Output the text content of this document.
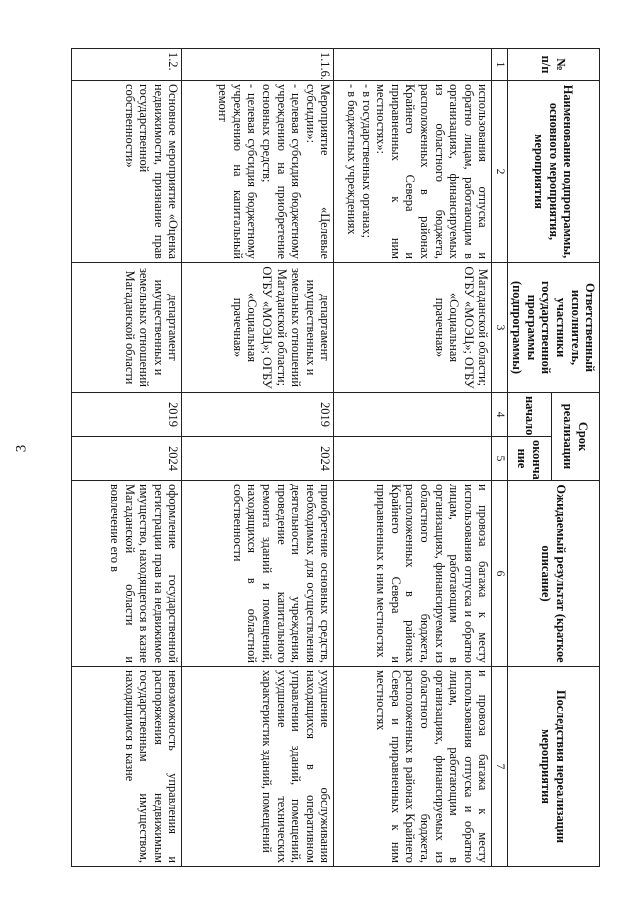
3
№ п/п	Наименование подпрограммы, основного мероприятия, мероприятия	Ответственный исполнитель, участники государственной программы (подпрограммы)	Срок реализации		Ожидаемый результат (краткое описание)	Последствия нереализации мероприятия
			начало	оконча ние		
1	2	3	4	5	6	7

	использования отпуска и обратно лицам, работающим в организациях, финансируемых из областного бюджета, расположенных в районах Крайнего Севера и приравненных к ним местностях»:
- в государственных органах;
- в бюджетных учреждениях	Магаданской области; ОГБУ «МОЭЦ»; ОГБУ «Социальная прачечная»			и провоза багажа к месту использования отпуска и обратно лицам, работающим в организациях, финансируемых из областного бюджета, расположенных в районах Крайнего Севера и приравненных к ним местностях	и провоза багажа к месту использования отпуска и обратно лицам, работающим в организациях, финансируемых из областного бюджета, расположенных в районах Крайнего Севера и приравненных к ним местностях
1.1.6.	Мероприятие «Целевые субсидии»:
- целевая субсидия бюджетному учреждению на приобретение основных средств;
- целевая субсидия бюджетному учреждению на капитальный ремонт	департамент имущественных и земельных отношений Магаданской области; ОГБУ «МОЭЦ»; ОГБУ «Социальная прачечная»	2019	2024	приобретение основных средств, необходимых для осуществления деятельности учреждения, проведение капитального ремонта зданий и помещений, находящихся в областной собственности	ухудшение обслуживания находящихся в оперативном управлении зданий, помещений, ухудшение технических характеристик зданий, помещений
1.2.	Основное мероприятие «Оценка недвижимости, признание прав государственной собственности»	департамент имущественных и земельных отношений Магаданской области	2019	2024	оформление государственной регистрации прав на недвижимое имущество, находящегося в казне Магаданской области и вовлечение его в	невозможность управления и распоряжения недвижимым государственным имуществом, находящимся в казне
